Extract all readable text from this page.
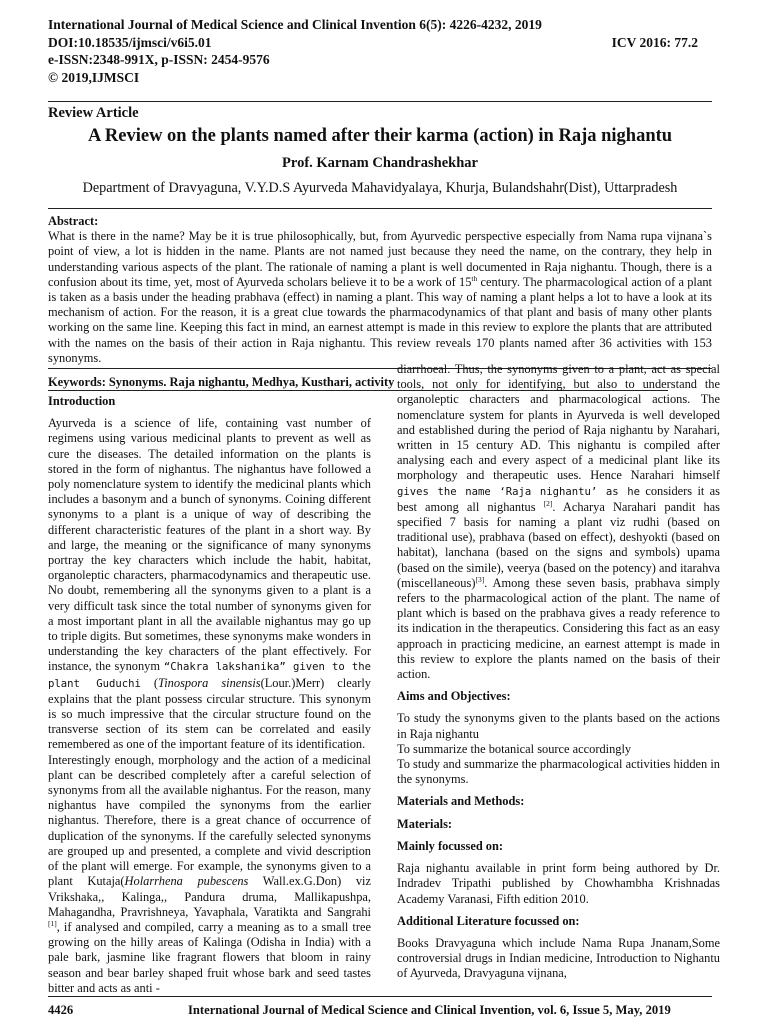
International Journal of Medical Science and Clinical Invention 6(5): 4226-4232, 2019
DOI:10.18535/ijmsci/v6i5.01	ICV 2016: 77.2
e-ISSN:2348-991X, p-ISSN: 2454-9576
© 2019,IJMSCI
Review Article
A Review on the plants named after their karma (action) in Raja nighantu
Prof. Karnam Chandrashekhar
Department of Dravyaguna, V.Y.D.S Ayurveda Mahavidyalaya, Khurja, Bulandshahr(Dist), Uttarpradesh
Abstract:
What is there in the name? May be it is true philosophically, but, from Ayurvedic perspective especially from Nama rupa vijnana`s point of view, a lot is hidden in the name. Plants are not named just because they need the name, on the contrary, they help in understanding various aspects of the plant. The rationale of naming a plant is well documented in Raja nighantu. Though, there is a confusion about its time, yet, most of Ayurveda scholars believe it to be a work of 15th century. The pharmacological action of a plant is taken as a basis under the heading prabhava (effect) in naming a plant. This way of naming a plant helps a lot to have a look at its mechanism of action. For the reason, it is a great clue towards the pharmacodynamics of that plant and basis of many other plants working on the same line. Keeping this fact in mind, an earnest attempt is made in this review to explore the plants that are attributed with the names on the basis of their action in Raja nighantu. This review reveals 170 plants named after 36 activities with 153 synonyms.
Keywords: Synonyms. Raja nighantu, Medhya, Kusthari, activity
Introduction

Ayurveda is a science of life, containing vast number of regimens using various medicinal plants to prevent as well as cure the diseases. The detailed information on the plants is stored in the form of nighantus. The nighantus have followed a poly nomenclature system to identify the medicinal plants which includes a basonym and a bunch of synonyms. Coining different synonyms to a plant is a unique of way of describing the different characteristic features of the plant in a short way. By and large, the meaning or the significance of many synonyms portray the key characters which include the habit, habitat, organoleptic characters, pharmacodynamics and therapeutic use. No doubt, remembering all the synonyms given to a plant is a very difficult task since the total number of synonyms given for a most important plant in all the available nighantus may go up to triple digits. But sometimes, these synonyms make wonders in understanding the key characters of the plant effectively. For instance, the synonym “Chakra lakshanika” given to the plant Guduchi (Tinospora sinensis(Lour.)Merr) clearly explains that the plant possess circular structure. This synonym is so much impressive that the circular structure found on the transverse section of its stem can be correlated and easily remembered as one of the important feature of its identification.

Interestingly enough, morphology and the action of a medicinal plant can be described completely after a careful selection of synonyms from all the available nighantus. For the reason, many nighantus have compiled the synonyms from the earlier nighantus. Therefore, there is a great chance of occurrence of duplication of the synonyms. If the carefully selected synonyms are grouped up and presented, a complete and vivid description of the plant will emerge. For example, the synonyms given to a plant Kutaja(Holarrhena pubescens Wall.ex.G.Don) viz Vrikshaka,, Kalinga,, Pandura druma, Mallikapushpa, Mahagandha, Pravrishneya, Yavaphala, Varatikta and Sangrahi [1], if analysed and compiled, carry a meaning as to a small tree growing on the hilly areas of Kalinga (Odisha in India) with a pale bark, jasmine like fragrant flowers that bloom in rainy season and bear barley shaped fruit whose bark and seed tastes bitter and acts as anti -

diarrhoeal. Thus, the synonyms given to a plant, act as special tools, not only for identifying, but also to understand the organoleptic characters and pharmacological actions. The nomenclature system for plants in Ayurveda is well developed and established during the period of Raja nighantu by Narahari, written in 15 century AD. This nighantu is compiled after analysing each and every aspect of a medicinal plant like its morphology and therapeutic uses. Hence Narahari himself gives the name ‘Raja nighantu’ as he considers it as best among all nighantus [2]. Acharya Narahari pandit has specified 7 basis for naming a plant viz rudhi (based on traditional use), prabhava (based on effect), deshyokti (based on habitat), lanchana (based on the signs and symbols) upama (based on the simile), veerya (based on the potency) and itarahva (miscellaneous)[3]. Among these seven basis, prabhava simply refers to the pharmacological action of the plant. The name of plant which is based on the prabhava gives a ready reference to its indication in the therapeutics. Considering this fact as an easy approach in practicing medicine, an earnest attempt is made in this review to explore the plants named on the basis of their action.

Aims and Objectives:

To study the synonyms given to the plants based on the actions in Raja nighantu
To summarize the botanical source accordingly
To study and summarize the pharmacological activities hidden in the synonyms.

Materials and Methods:
Materials:
Mainly focussed on:

Raja nighantu available in print form being authored by Dr. Indradev Tripathi published by Chowhambha Krishnadas Academy Varanasi, Fifth edition 2010.

Additional Literature focussed on:

Books Dravyaguna which include Nama Rupa Jnanam,Some controversial drugs in Indian medicine, Introduction to Nighantu of Ayurveda, Dravyaguna vijnana,

4426	International Journal of Medical Science and Clinical Invention, vol. 6, Issue 5, May, 2019
